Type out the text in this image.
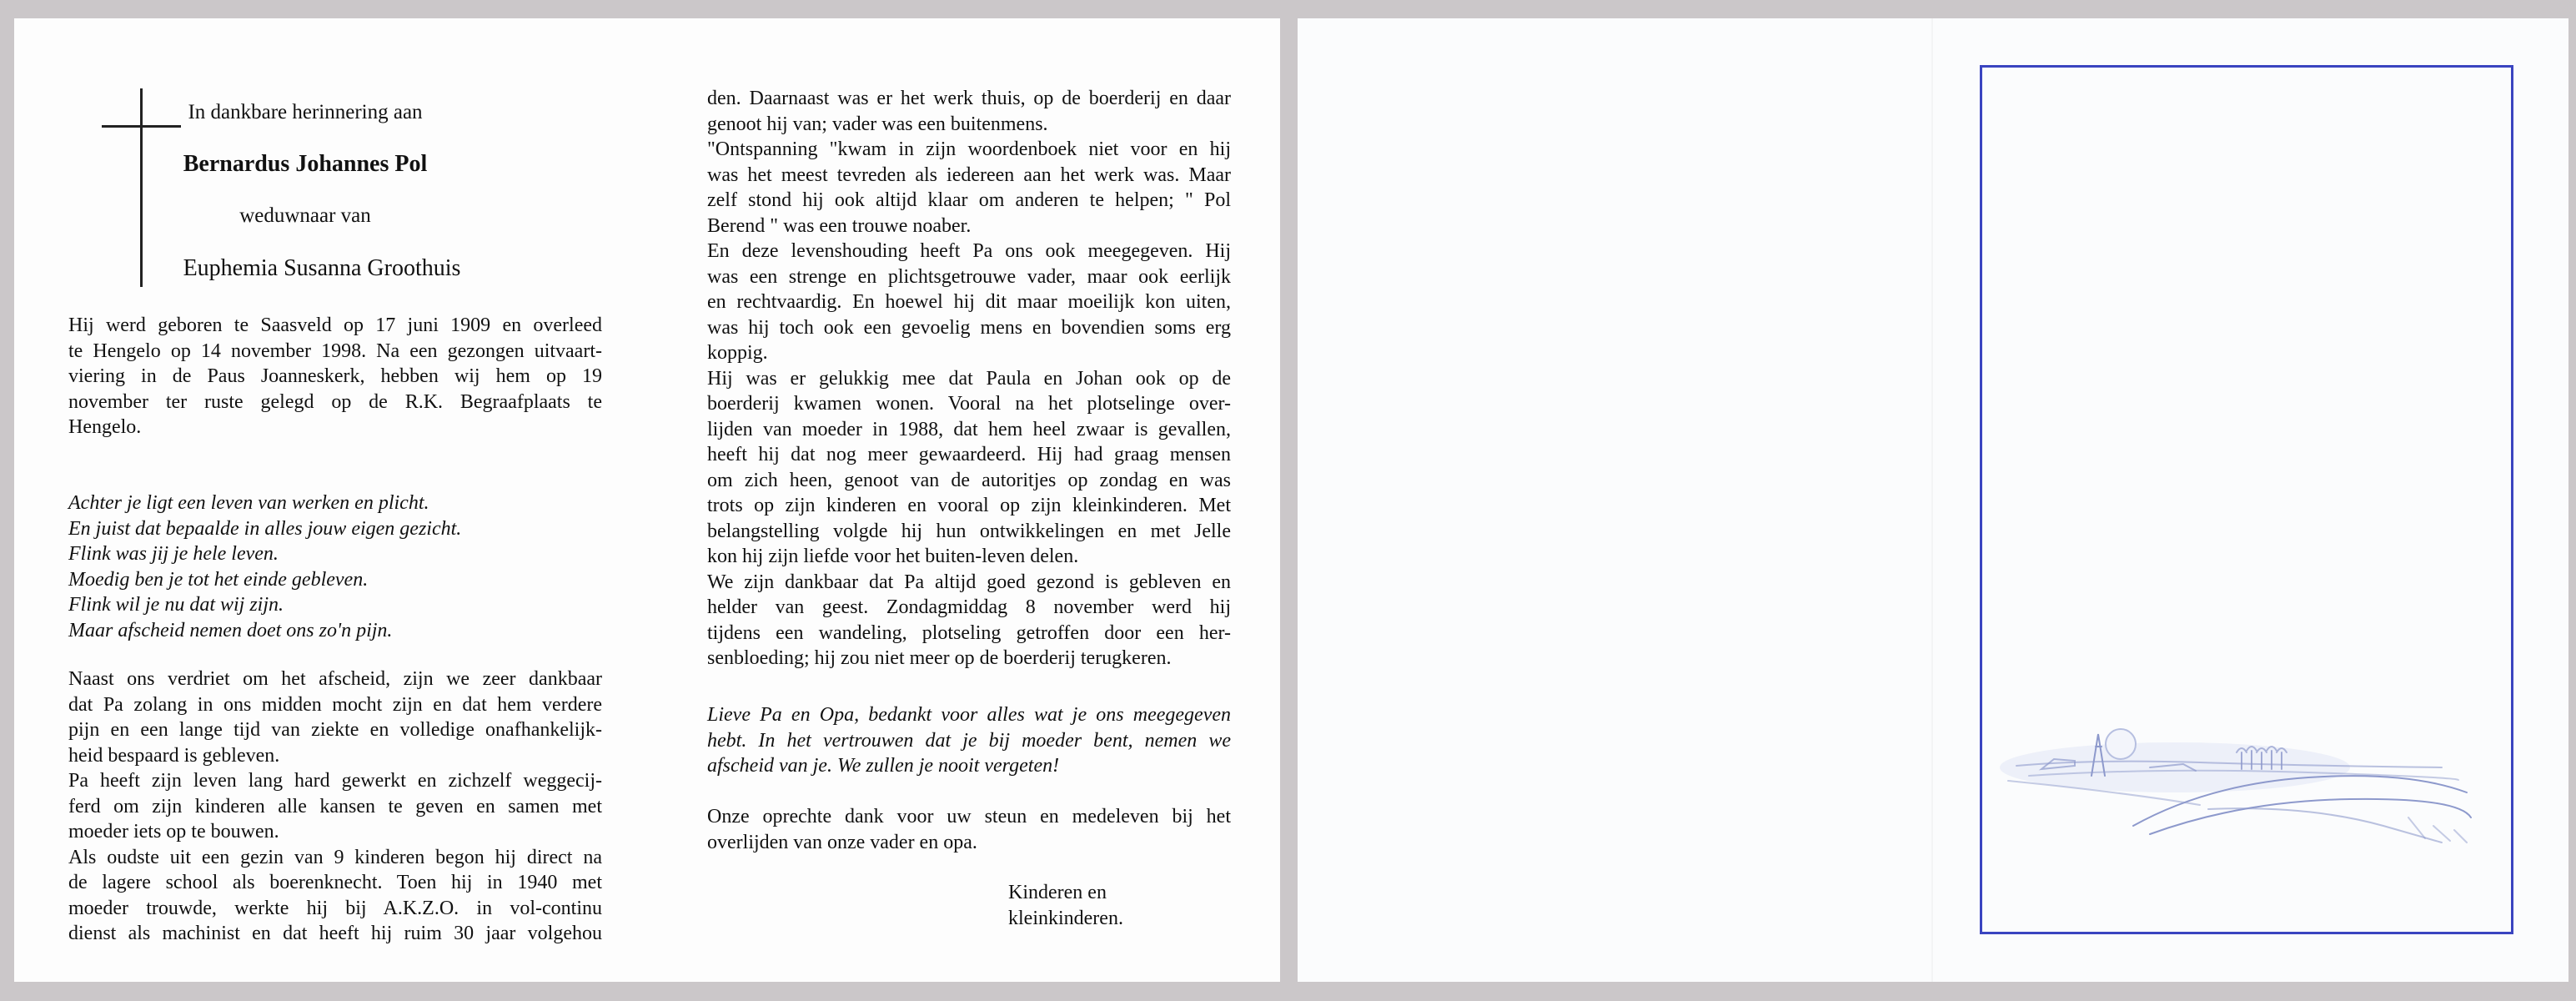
In dankbare herinnering aan
Bernardus Johannes Pol
weduwnaar van
Euphemia Susanna Groothuis

Hij werd geboren te Saasveld op 17 juni 1909 en overleed

te Hengelo op 14 november 1998. Na een gezongen uitvaart-

viering in de Paus Joanneskerk, hebben wij hem op 19

november ter ruste gelegd op de R.K. Begraafplaats te

Hengelo.

Achter je ligt een leven van werken en plicht.

En juist dat bepaalde in alles jouw eigen gezicht.

Flink was jij je hele leven.

Moedig ben je tot het einde gebleven.

Flink wil je nu dat wij zijn.

Maar afscheid nemen doet ons zo'n pijn.

Naast ons verdriet om het afscheid, zijn we zeer dankbaar

dat Pa zolang in ons midden mocht zijn en dat hem verdere

pijn en een lange tijd van ziekte en volledige onafhankelijk-

heid bespaard is gebleven.

Pa heeft zijn leven lang hard gewerkt en zichzelf weggecij-

ferd om zijn kinderen alle kansen te geven en samen met

moeder iets op te bouwen.

Als oudste uit een gezin van 9 kinderen begon hij direct na

de lagere school als boerenknecht. Toen hij in 1940 met

moeder trouwde, werkte hij bij A.K.Z.O. in vol-continu

dienst als machinist en dat heeft hij ruim 30 jaar volgehou

den. Daarnaast was er het werk thuis, op de boerderij en daar

genoot hij van; vader was een buitenmens.

"Ontspanning "kwam in zijn woordenboek niet voor en hij

was het meest tevreden als iedereen aan het werk was. Maar

zelf stond hij ook altijd klaar om anderen te helpen; " Pol

Berend " was een trouwe noaber.

En deze levenshouding heeft Pa ons ook meegegeven. Hij

was een strenge en plichtsgetrouwe vader, maar ook eerlijk

en rechtvaardig. En hoewel hij dit maar moeilijk kon uiten,

was hij toch ook een gevoelig mens en bovendien soms erg

koppig.

Hij was er gelukkig mee dat Paula en Johan ook op de

boerderij kwamen wonen. Vooral na het plotselinge over-

lijden van moeder in 1988, dat hem heel zwaar is gevallen,

heeft hij dat nog meer gewaardeerd. Hij had graag mensen

om zich heen, genoot van de autoritjes op zondag en was

trots op zijn kinderen en vooral op zijn kleinkinderen. Met

belangstelling volgde hij hun ontwikkelingen en met Jelle

kon hij zijn liefde voor het buiten-leven delen.

We zijn dankbaar dat Pa altijd goed gezond is gebleven en

helder van geest. Zondagmiddag 8 november werd hij

tijdens een wandeling, plotseling getroffen door een her-

senbloeding; hij zou niet meer op de boerderij terugkeren.

Lieve Pa en Opa, bedankt voor alles wat je ons meegegeven

hebt. In het vertrouwen dat je bij moeder bent, nemen we

afscheid van je. We zullen je nooit vergeten!

Onze oprechte dank voor uw steun en medeleven bij het

overlijden van onze vader en opa.

Kinderen en

kleinkinderen.
